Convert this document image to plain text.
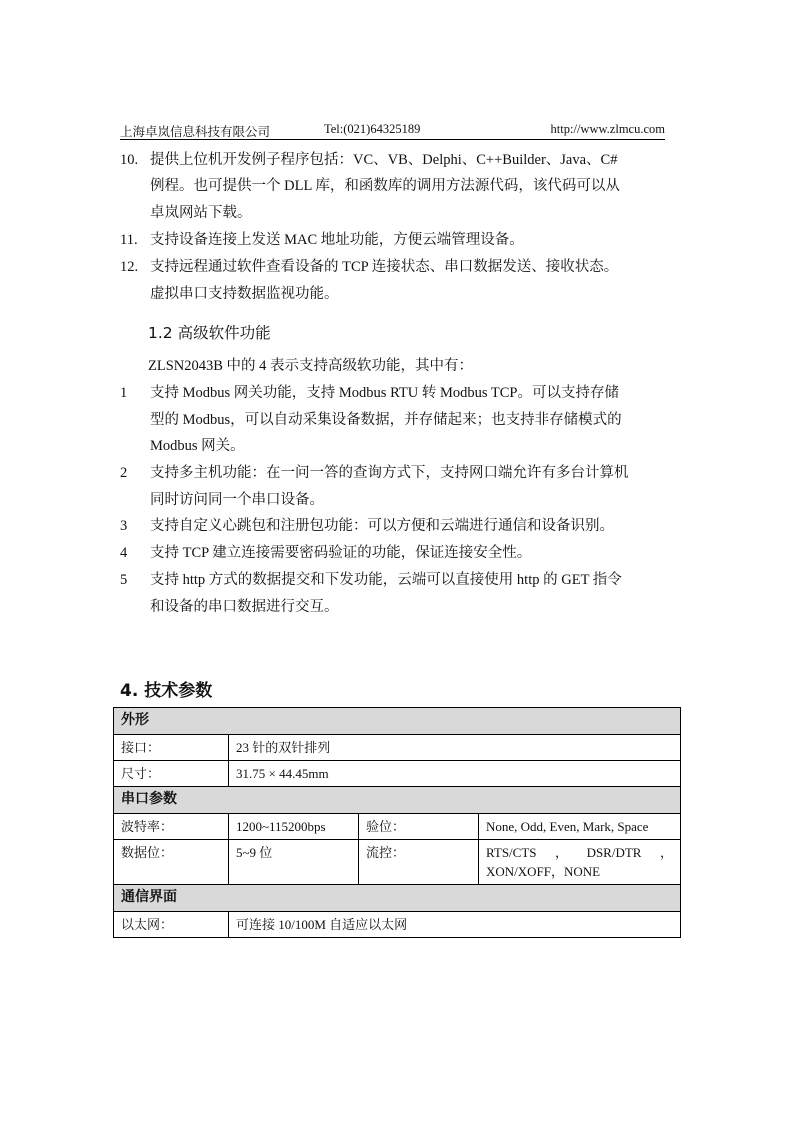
上海卓岚信息科技有限公司	Tel:(021)64325189	http://www.zlmcu.com
10. 提供上位机开发例子程序包括：VC、VB、Delphi、C++Builder、Java、C#
例程。也可提供一个 DLL 库，和函数库的调用方法源代码，该代码可以从
卓岚网站下载。
11. 支持设备连接上发送 MAC 地址功能，方便云端管理设备。
12. 支持远程通过软件查看设备的 TCP 连接状态、串口数据发送、接收状态。
虚拟串口支持数据监视功能。
1.2 高级软件功能
ZLSN2043B 中的 4 表示支持高级软功能，其中有：
1 支持 Modbus 网关功能，支持 Modbus RTU 转 Modbus TCP。可以支持存储
型的 Modbus，可以自动采集设备数据，并存储起来；也支持非存储模式的
Modbus 网关。
2 支持多主机功能：在一问一答的查询方式下，支持网口端允许有多台计算机
同时访问同一个串口设备。
3 支持自定义心跳包和注册包功能：可以方便和云端进行通信和设备识别。
4 支持 TCP 建立连接需要密码验证的功能，保证连接安全性。
5 支持 http 方式的数据提交和下发功能，云端可以直接使用 http 的 GET 指令
和设备的串口数据进行交互。
4. 技术参数
外形			
接口：	23 针的双针排列		
尺寸：	31.75 × 44.45mm		
串口参数			
波特率：	1200~115200bps	验位：	None, Odd, Even, Mark, Space
数据位：	5~9 位	流控：	RTS/CTS ， DSR/DTR ，
XON/XOFF，NONE

通信界面			
以太网：	可连接 10/100M 自适应以太网		
